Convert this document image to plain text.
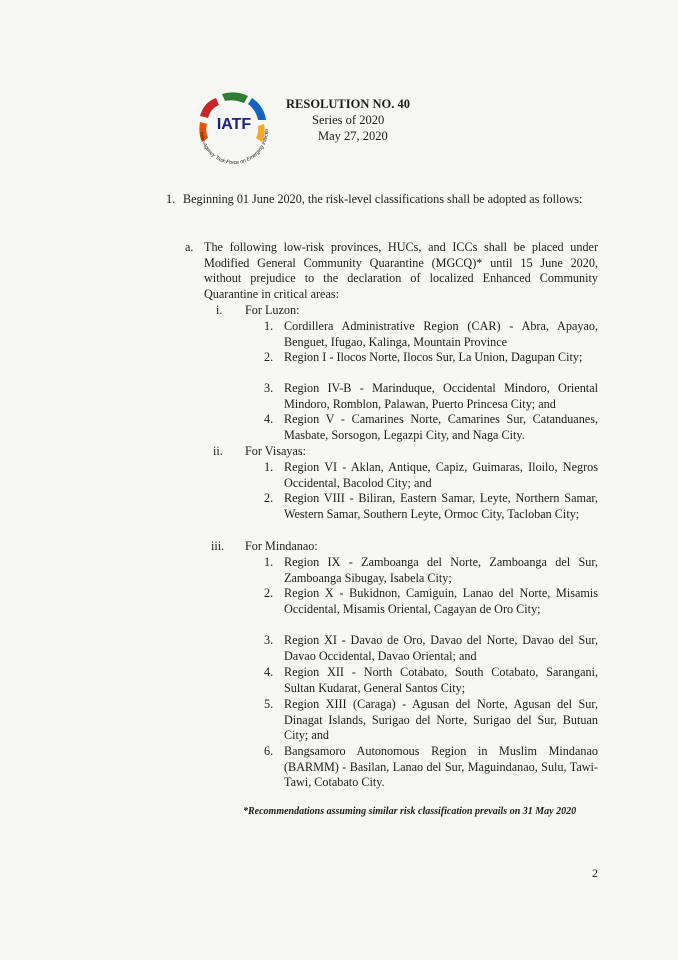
IATF
Inter-Agency Task Force on Emerging Infectio
RESOLUTION NO. 40
Series of 2020
May 27, 2020
1. Beginning 01 June 2020, the risk-level classifications shall be adopted as follows:

a. The following low-risk provinces, HUCs, and ICCs shall be placed under Modified General Community Quarantine (MGCQ)* until 15 June 2020, without prejudice to the declaration of localized Enhanced Community Quarantine in critical areas:

i. For Luzon:
1. Cordillera Administrative Region (CAR) - Abra, Apayao, Benguet, Ifugao, Kalinga, Mountain Province

2. Region I - Ilocos Norte, Ilocos Sur, La Union, Dagupan City;

3. Region IV-B - Marinduque, Occidental Mindoro, Oriental Mindoro, Romblon, Palawan, Puerto Princesa City; and

4. Region V - Camarines Norte, Camarines Sur, Catanduanes, Masbate, Sorsogon, Legazpi City, and Naga City.

ii. For Visayas:
1. Region VI - Aklan, Antique, Capiz, Guimaras, Iloilo, Negros Occidental, Bacolod City; and

2. Region VIII - Biliran, Eastern Samar, Leyte, Northern Samar, Western Samar, Southern Leyte, Ormoc City, Tacloban City;

iii. For Mindanao:
1. Region IX - Zamboanga del Norte, Zamboanga del Sur, Zamboanga Sibugay, Isabela City;

2. Region X - Bukidnon, Camiguin, Lanao del Norte, Misamis Occidental, Misamis Oriental, Cagayan de Oro City;

3. Region XI - Davao de Oro, Davao del Norte, Davao del Sur, Davao Occidental, Davao Oriental; and

4. Region XII - North Cotabato, South Cotabato, Sarangani, Sultan Kudarat, General Santos City;

5. Region XIII (Caraga) - Agusan del Norte, Agusan del Sur, Dinagat Islands, Surigao del Norte, Surigao del Sur, Butuan City; and

6. Bangsamoro Autonomous Region in Muslim Mindanao (BARMM) - Basilan, Lanao del Sur, Maguindanao, Sulu, Tawi-Tawi, Cotabato City.

*Recommendations assuming similar risk classification prevails on 31 May 2020
2
